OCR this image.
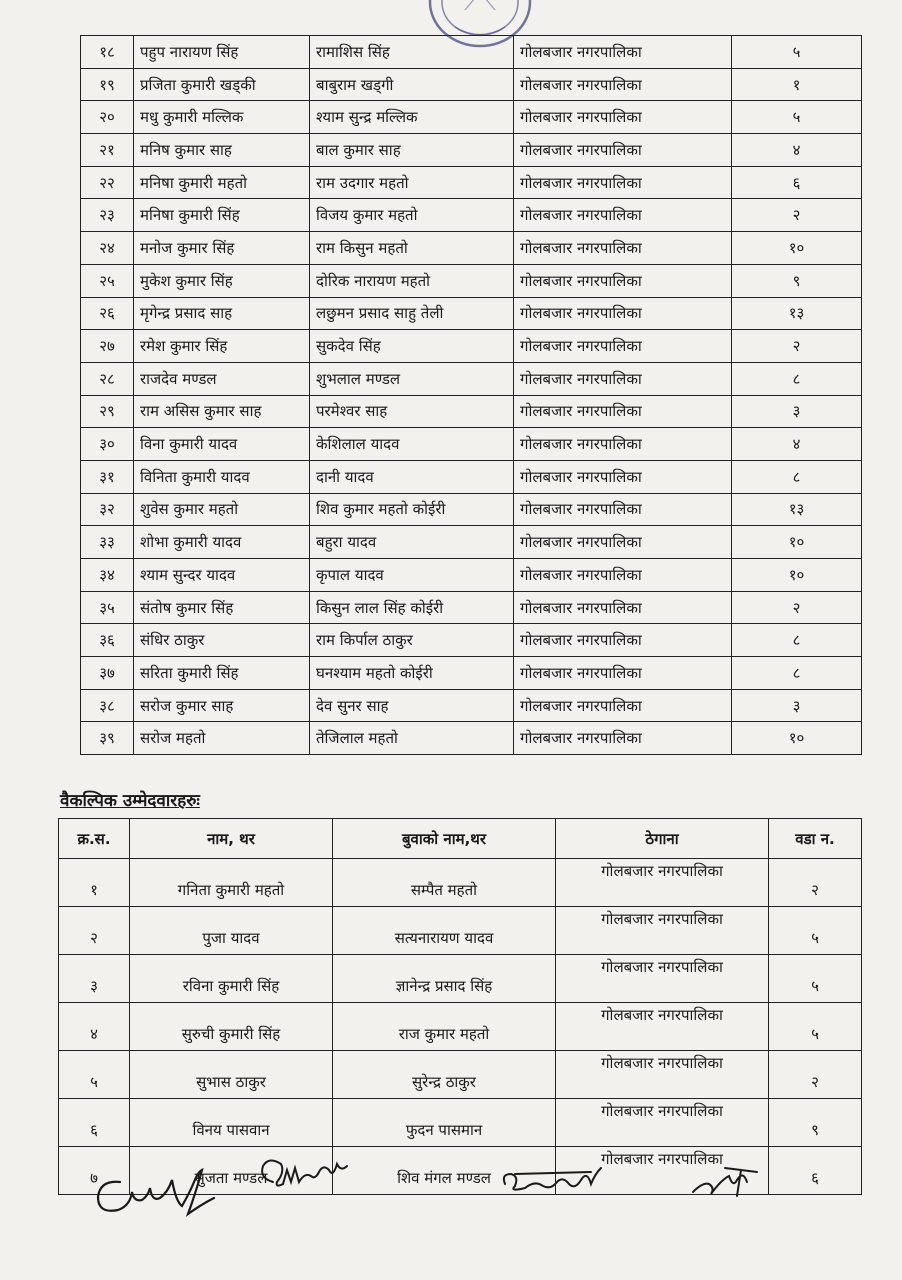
१८	पहुप नारायण सिंह	रामाशिस सिंह	गोलबजार नगरपालिका	५
१९	प्रजिता कुमारी खड्की	बाबुराम खड्गी	गोलबजार नगरपालिका	१
२०	मधु कुमारी मल्लिक	श्याम सुन्द्र मल्लिक	गोलबजार नगरपालिका	५
२१	मनिष कुमार साह	बाल कुमार साह	गोलबजार नगरपालिका	४
२२	मनिषा कुमारी महतो	राम उदगार महतो	गोलबजार नगरपालिका	६
२३	मनिषा कुमारी सिंह	विजय कुमार महतो	गोलबजार नगरपालिका	२
२४	मनोज कुमार सिंह	राम किसुन महतो	गोलबजार नगरपालिका	१०
२५	मुकेश कुमार सिंह	दोरिक नारायण महतो	गोलबजार नगरपालिका	९
२६	मृगेन्द्र प्रसाद साह	लछुमन प्रसाद साहु तेली	गोलबजार नगरपालिका	१३
२७	रमेश कुमार सिंह	सुकदेव सिंह	गोलबजार नगरपालिका	२
२८	राजदेव मण्डल	शुभलाल मण्डल	गोलबजार नगरपालिका	८
२९	राम असिस कुमार साह	परमेश्वर साह	गोलबजार नगरपालिका	३
३०	विना कुमारी यादव	केशिलाल यादव	गोलबजार नगरपालिका	४
३१	विनिता कुमारी यादव	दानी यादव	गोलबजार नगरपालिका	८
३२	शुवेस कुमार महतो	शिव कुमार महतो कोईरी	गोलबजार नगरपालिका	१३
३३	शोभा कुमारी यादव	बहुरा यादव	गोलबजार नगरपालिका	१०
३४	श्याम सुन्दर यादव	कृपाल यादव	गोलबजार नगरपालिका	१०
३५	संतोष कुमार सिंह	किसुन लाल सिंह कोईरी	गोलबजार नगरपालिका	२
३६	संधिर ठाकुर	राम किर्पाल ठाकुर	गोलबजार नगरपालिका	८
३७	सरिता कुमारी सिंह	घनश्याम महतो कोईरी	गोलबजार नगरपालिका	८
३८	सरोज कुमार साह	देव सुनर साह	गोलबजार नगरपालिका	३
३९	सरोज महतो	तेजिलाल महतो	गोलबजार नगरपालिका	१०
वैकल्पिक उम्मेदवारहरुः
क्र.स.	नाम, थर	बुवाको नाम,थर	ठेगाना	वडा न.
१	गनिता कुमारी महतो	सम्पैत महतो	गोलबजार नगरपालिका	२
२	पुजा यादव	सत्यनारायण यादव	गोलबजार नगरपालिका	५
३	रविना कुमारी सिंह	ज्ञानेन्द्र प्रसाद सिंह	गोलबजार नगरपालिका	५
४	सुरुची कुमारी सिंह	राज कुमार महतो	गोलबजार नगरपालिका	५
५	सुभास ठाकुर	सुरेन्द्र ठाकुर	गोलबजार नगरपालिका	२
६	विनय पासवान	फुदन पासमान	गोलबजार नगरपालिका	९
७	सुजता मण्डल	शिव मंगल मण्डल	गोलबजार नगरपालिका	६
